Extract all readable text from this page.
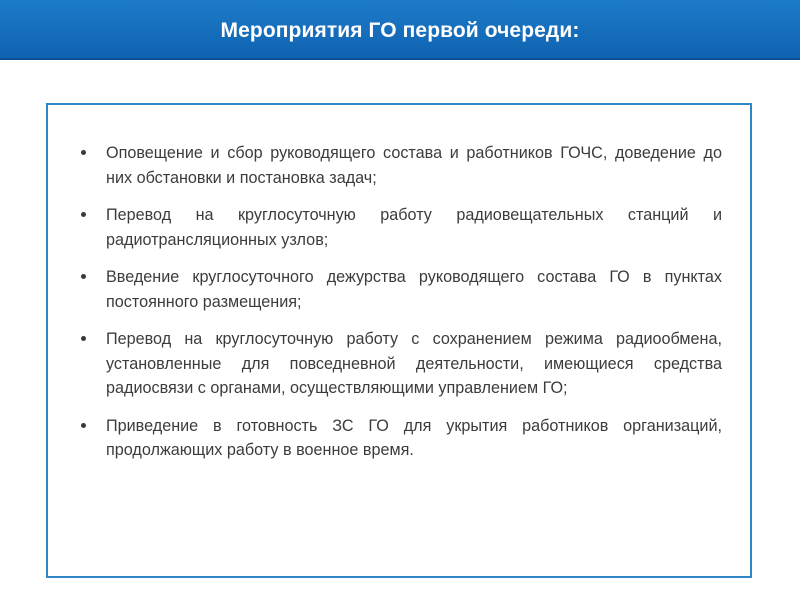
Мероприятия ГО первой очереди:
Оповещение и сбор руководящего состава и работников ГОЧС, доведение до них обстановки и постановка задач;
Перевод на круглосуточную работу радиовещательных станций и радиотрансляционных узлов;
Введение круглосуточного дежурства руководящего состава ГО в пунктах постоянного размещения;
Перевод на круглосуточную работу с сохранением режима радиообмена, установленные для повседневной деятельности, имеющиеся средства радиосвязи с органами, осуществляющими управлением ГО;
Приведение в готовность ЗС ГО для укрытия работников организаций, продолжающих работу в военное время.
